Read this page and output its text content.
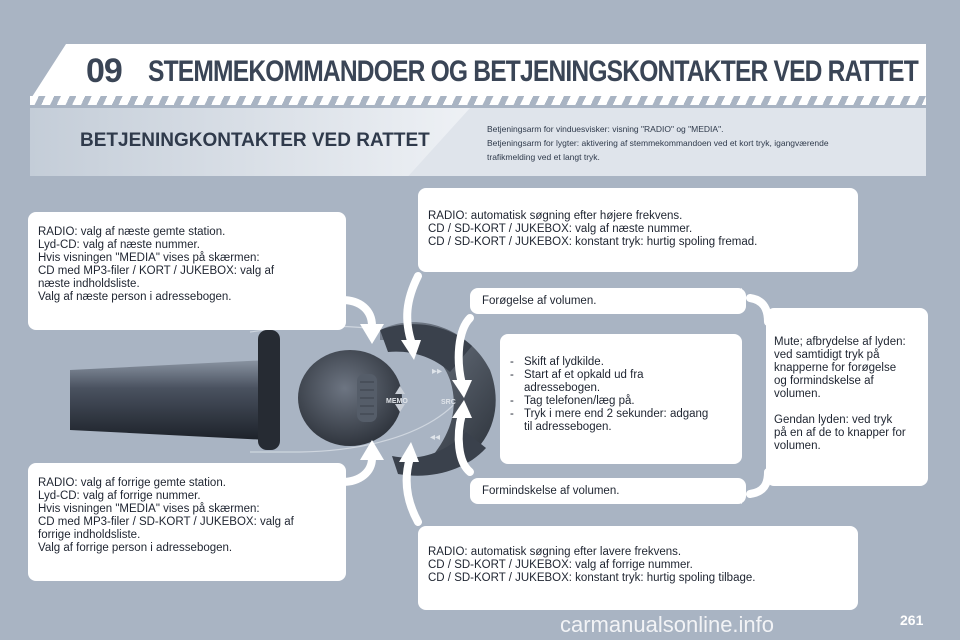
09 STEMMEKOMMANDOER OG BETJENINGSKONTAKTER VED RATTET
BETJENINGKONTAKTER VED RATTET
Betjeningsarm for vinduesvisker: visning "RADIO" og "MEDIA".
Betjeningsarm for lygter: aktivering af stemmekommandoen ved et kort tryk, igangværende
trafikmelding ved et langt tryk.
MEMO
▸▸
◂◂
SRC

RADIO: valg af næste gemte station.

Lyd-CD: valg af næste nummer.

Hvis visningen "MEDIA" vises på skærmen:

CD med MP3-filer / KORT / JUKEBOX: valg af

næste indholdsliste.

Valg af næste person i adressebogen.

RADIO: valg af forrige gemte station.

Lyd-CD: valg af forrige nummer.

Hvis visningen "MEDIA" vises på skærmen:

CD med MP3-filer / SD-KORT / JUKEBOX: valg af

forrige indholdsliste.

Valg af forrige person i adressebogen.

RADIO: automatisk søgning efter højere frekvens.

CD / SD-KORT / JUKEBOX: valg af næste nummer.

CD / SD-KORT / JUKEBOX: konstant tryk: hurtig spoling fremad.

RADIO: automatisk søgning efter lavere frekvens.

CD / SD-KORT / JUKEBOX: valg af forrige nummer.

CD / SD-KORT / JUKEBOX: konstant tryk: hurtig spoling tilbage.

Forøgelse af volumen.
Formindskelse af volumen.
- Skift af lydkilde.
- Start af et opkald ud fra
adressebogen.
- Tag telefonen/læg på.
- Tryk i mere end 2 sekunder: adgang
til adressebogen.

Mute; afbrydelse af lyden:

ved samtidigt tryk på

knapperne for forøgelse

og formindskelse af

volumen.

Gendan lyden: ved tryk

på en af de to knapper for

volumen.

carmanualsonline.info	261
